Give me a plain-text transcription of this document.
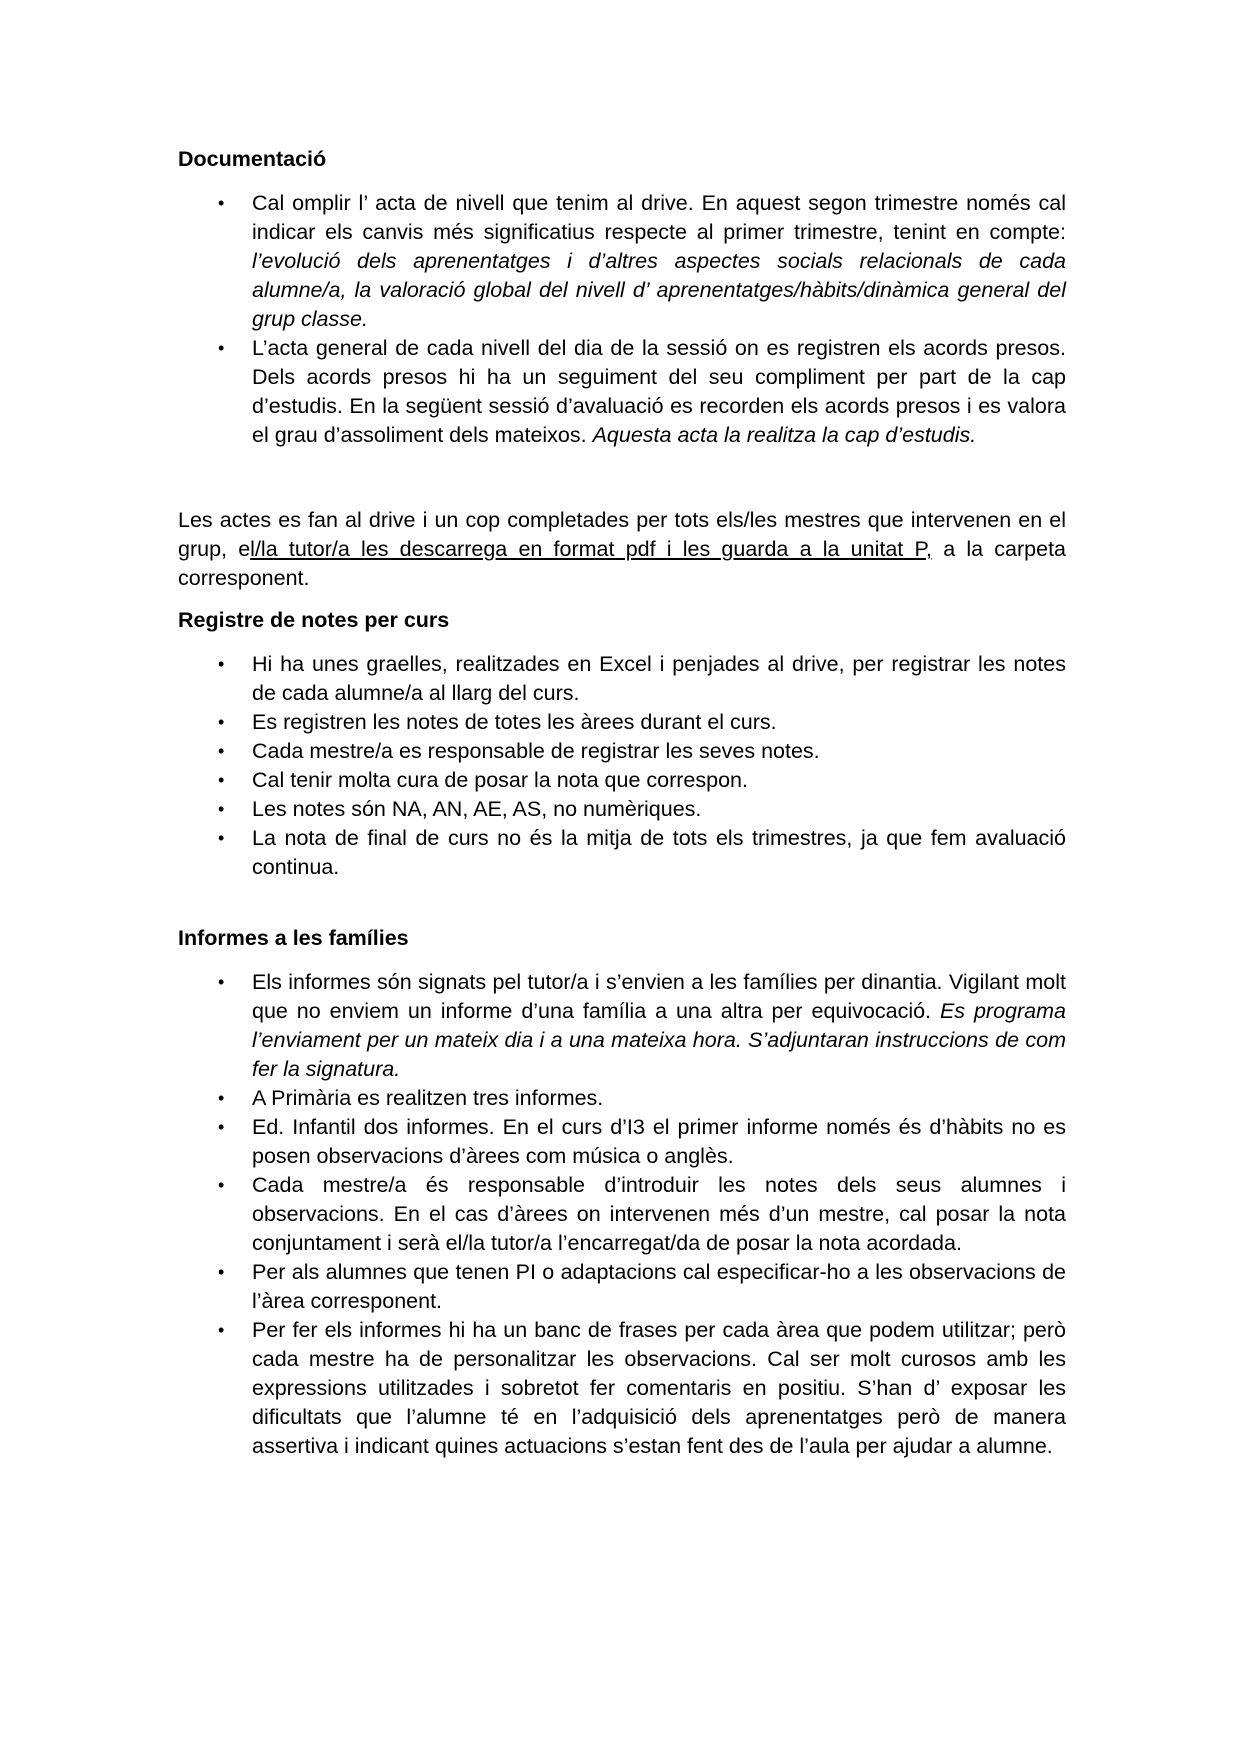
Documentació
•	Cal omplir l’ acta de nivell que tenim al drive. En aquest segon trimestre només cal indicar els canvis més significatius respecte al primer trimestre, tenint en compte: l’evolució dels aprenentatges i d’altres aspectes socials relacionals de cada alumne/a, la valoració global del nivell d’ aprenentatges/hàbits/dinàmica general del grup classe.
•	L’acta general de cada nivell del dia de la sessió on es registren els acords presos. Dels acords presos hi ha un seguiment del seu compliment per part de la cap d’estudis. En la següent sessió d’avaluació es recorden els acords presos i es valora el grau d’assoliment dels mateixos. Aquesta acta la realitza la cap d’estudis.

Les actes es fan al drive i un cop completades per tots els/les mestres que intervenen en el grup, el/la tutor/a les descarrega en format pdf i les guarda a la unitat P, a la carpeta corresponent.

Registre de notes per curs
•	Hi ha unes graelles, realitzades en Excel i penjades al drive, per registrar les notes de cada alumne/a al llarg del curs.
•	Es registren les notes de totes les àrees durant el curs.
•	Cada mestre/a es responsable de registrar les seves notes.
•	Cal tenir molta cura de posar la nota que correspon.
•	Les notes són NA, AN, AE, AS, no numèriques.
•	La nota de final de curs no és la mitja de tots els trimestres, ja que fem avaluació continua.
Informes a les famílies
•	Els informes són signats pel tutor/a i s’envien a les famílies per dinantia. Vigilant molt que no enviem un informe d’una família a una altra per equivocació. Es programa l’enviament per un mateix dia i a una mateixa hora. S’adjuntaran instruccions de com fer la signatura.
•	A Primària es realitzen tres informes.
•	Ed. Infantil dos informes. En el curs d’I3 el primer informe només és d’hàbits no es posen observacions d’àrees com música o anglès.
•	Cada mestre/a és responsable d’introduir les notes dels seus alumnes i observacions. En el cas d’àrees on intervenen més d’un mestre, cal posar la nota conjuntament i serà el/la tutor/a l’encarregat/da de posar la nota acordada.
•	Per als alumnes que tenen PI o adaptacions cal especificar-ho a les observacions de l’àrea corresponent.
•	Per fer els informes hi ha un banc de frases per cada àrea que podem utilitzar; però cada mestre ha de personalitzar les observacions. Cal ser molt curosos amb les expressions utilitzades i sobretot fer comentaris en positiu. S’han d’ exposar les dificultats que l’alumne té en l’adquisició dels aprenentatges però de manera assertiva i indicant quines actuacions s’estan fent des de l’aula per ajudar a alumne.
